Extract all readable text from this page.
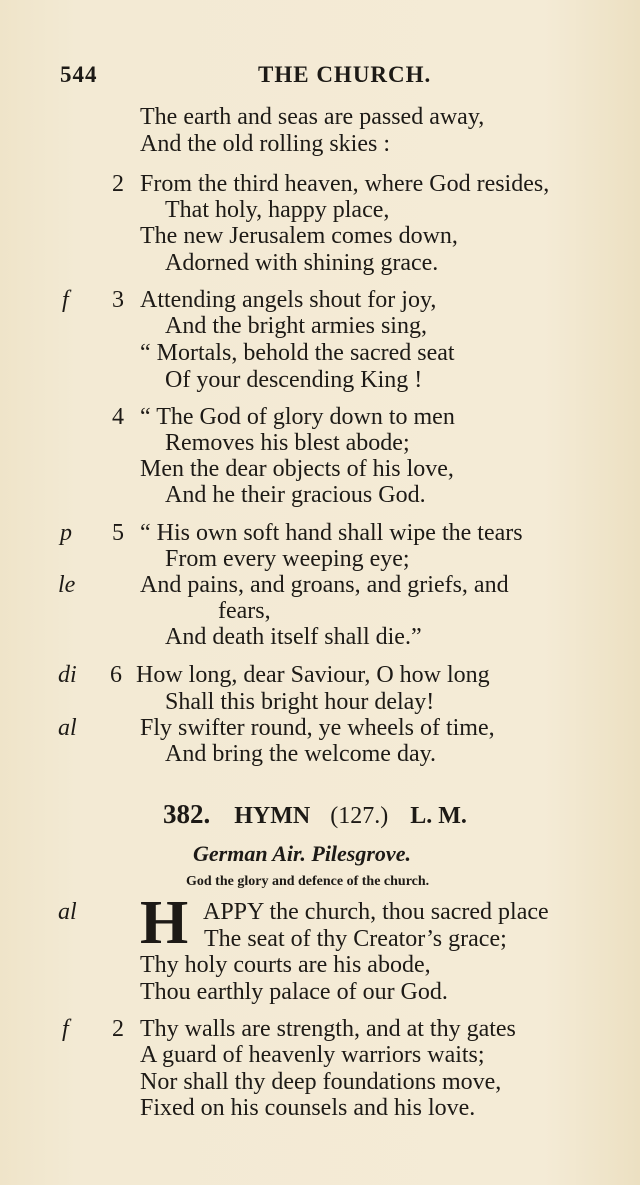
544	THE CHURCH.
The earth and seas are passed away,
And the old rolling skies :
2 From the third heaven, where God resides,
That holy, happy place,
The new Jerusalem comes down,
Adorned with shining grace.
f 3 Attending angels shout for joy,
And the bright armies sing,
“ Mortals, behold the sacred seat
Of your descending King !
4 “ The God of glory down to men
Removes his blest abode;
Men the dear objects of his love,
And he their gracious God.
p 5 “ His own soft hand shall wipe the tears
From every weeping eye;
le	And pains, and groans, and griefs, and
fears,
And death itself shall die.”
di 6 How long, dear Saviour, O how long
Shall this bright hour delay!
al	Fly swifter round, ye wheels of time,
And bring the welcome day.
382. HYMN (127.) L. M.
German Air. Pilesgrove.
God the glory and defence of the church.
al H APPY the church, thou sacred place
The seat of thy Creator’s grace;
Thy holy courts are his abode,
Thou earthly palace of our God.
f 2 Thy walls are strength, and at thy gates
A guard of heavenly warriors waits;
Nor shall thy deep foundations move,
Fixed on his counsels and his love.
